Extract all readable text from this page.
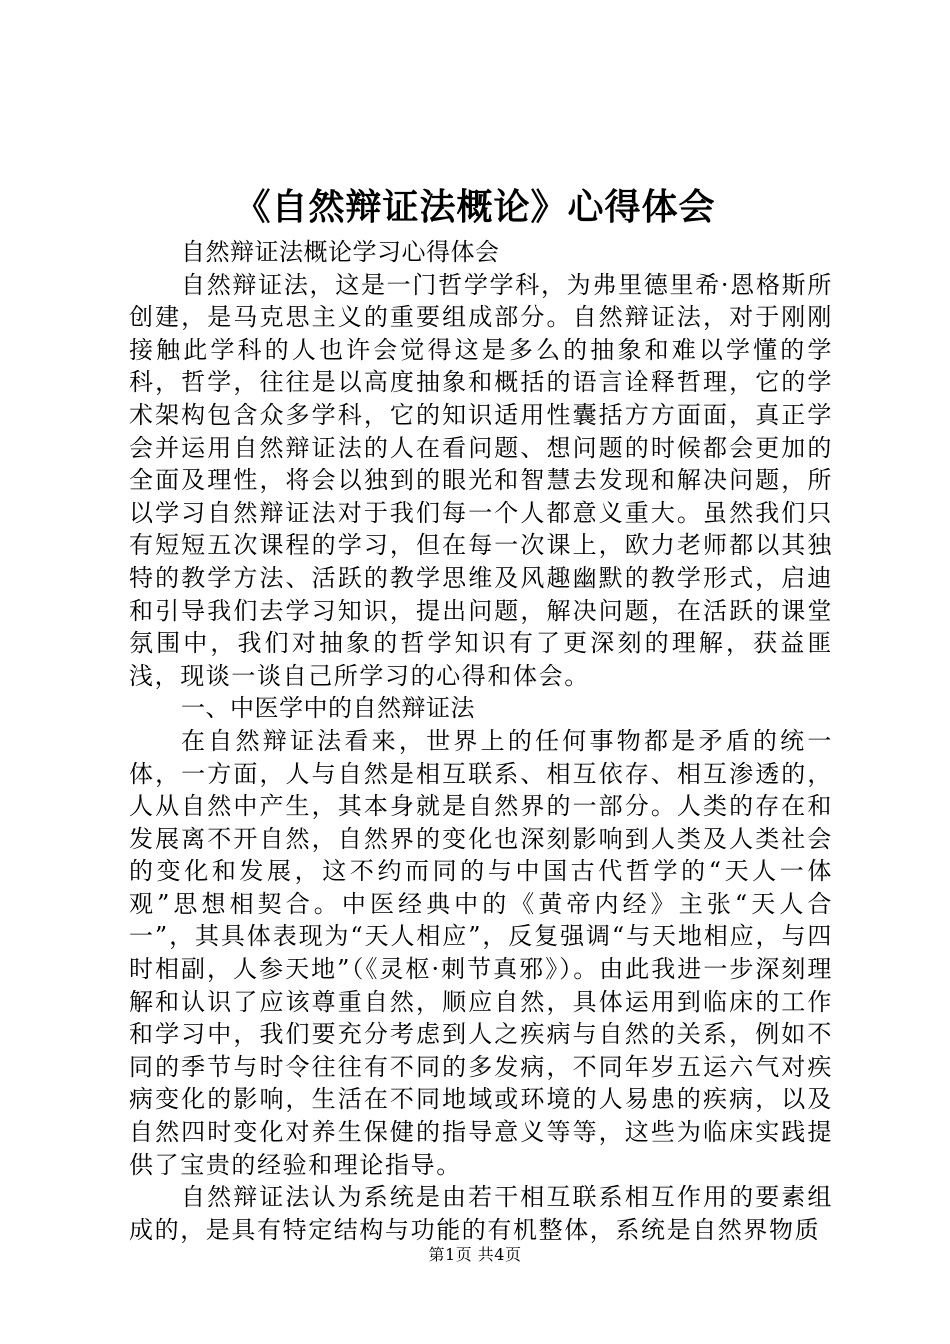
《自然辩证法概论》心得体会

自然辩证法概论学习心得体会

自然辩证法，这是一门哲学学科，为弗里德里希·恩格斯所创建，是马克思主义的重要组成部分。自然辩证法，对于刚刚接触此学科的人也许会觉得这是多么的抽象和难以学懂的学科，哲学，往往是以高度抽象和概括的语言诠释哲理，它的学术架构包含众多学科，它的知识适用性囊括方方面面，真正学会并运用自然辩证法的人在看问题、想问题的时候都会更加的全面及理性，将会以独到的眼光和智慧去发现和解决问题，所以学习自然辩证法对于我们每一个人都意义重大。虽然我们只有短短五次课程的学习，但在每一次课上，欧力老师都以其独特的教学方法、活跃的教学思维及风趣幽默的教学形式，启迪和引导我们去学习知识，提出问题，解决问题，在活跃的课堂氛围中，我们对抽象的哲学知识有了更深刻的理解，获益匪浅，现谈一谈自己所学习的心得和体会。

一、中医学中的自然辩证法

在自然辩证法看来，世界上的任何事物都是矛盾的统一体，一方面，人与自然是相互联系、相互依存、相互渗透的，人从自然中产生，其本身就是自然界的一部分。人类的存在和发展离不开自然，自然界的变化也深刻影响到人类及人类社会的变化和发展，这不约而同的与中国古代哲学的“天人一体观”思想相契合。中医经典中的《黄帝内经》主张“天人合一”，其具体表现为“天人相应”，反复强调“与天地相应，与四时相副，人参天地”（《灵枢·刺节真邪》）。由此我进一步深刻理解和认识了应该尊重自然，顺应自然，具体运用到临床的工作和学习中，我们要充分考虑到人之疾病与自然的关系，例如不同的季节与时令往往有不同的多发病，不同年岁五运六气对疾病变化的影响，生活在不同地域或环境的人易患的疾病，以及自然四时变化对养生保健的指导意义等等，这些为临床实践提供了宝贵的经验和理论指导。

自然辩证法认为系统是由若干相互联系相互作用的要素组成的，是具有特定结构与功能的有机整体，系统是自然界物质

第1页 共4页
